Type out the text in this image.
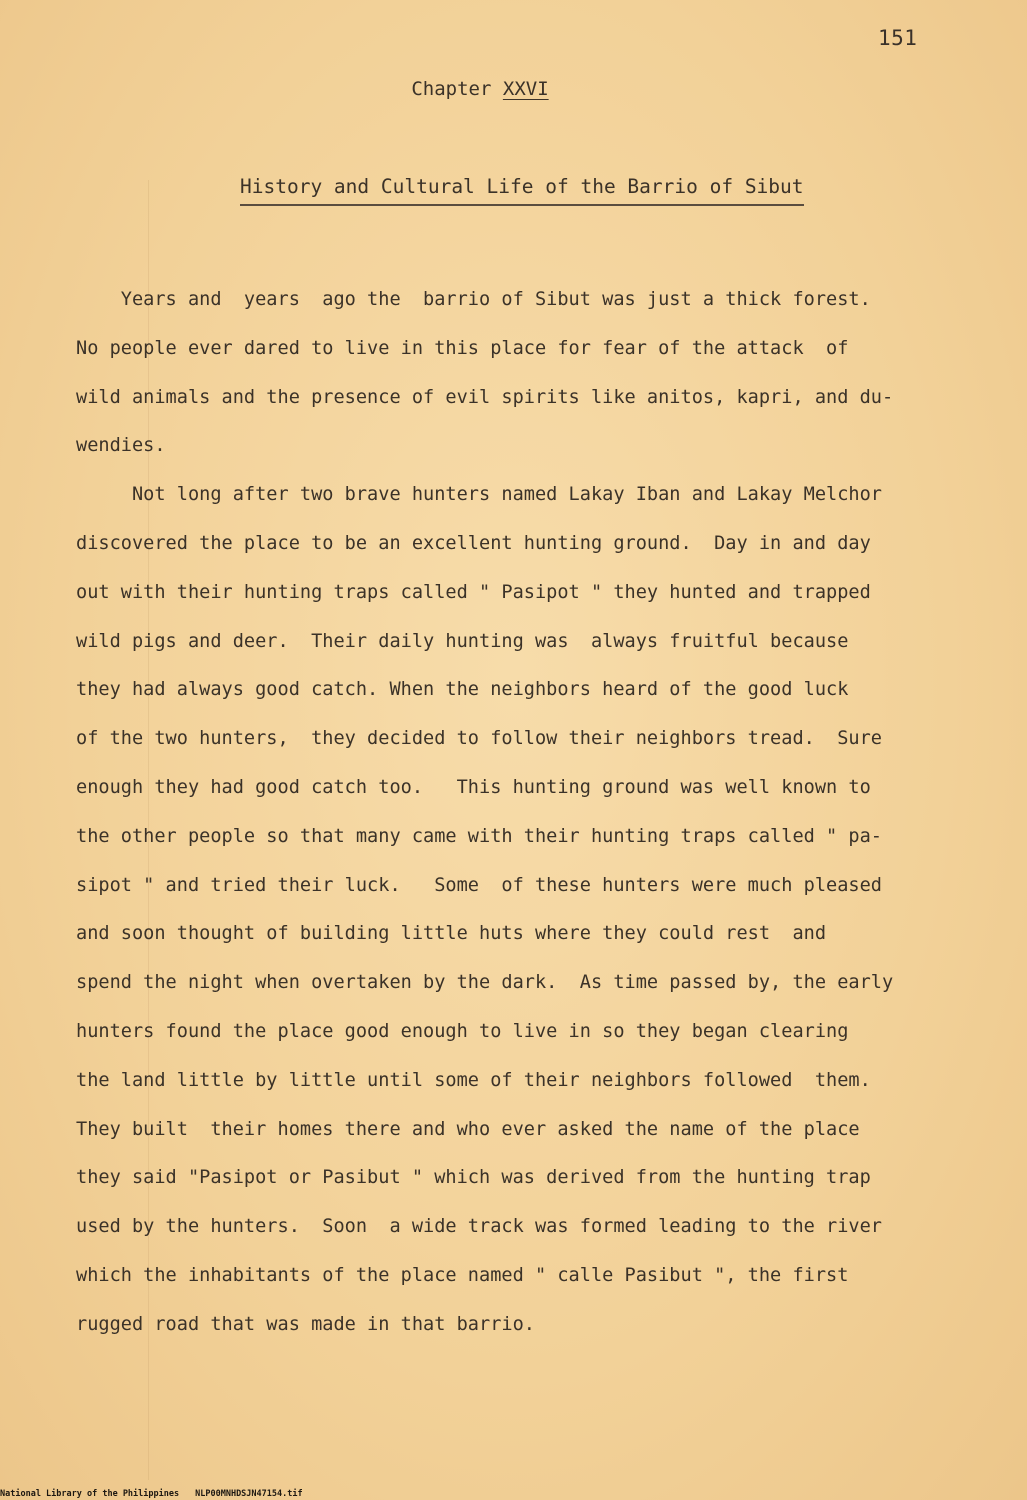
151
Chapter XXVI
History and Cultural Life of the Barrio of Sibut
Years and  years  ago the  barrio of Sibut was just a thick forest.
No people ever dared to live in this place for fear of the attack  of
wild animals and the presence of evil spirits like anitos, kapri, and du-
wendies.
Not long after two brave hunters named Lakay Iban and Lakay Melchor
discovered the place to be an excellent hunting ground.  Day in and day
out with their hunting traps called " Pasipot " they hunted and trapped
wild pigs and deer.  Their daily hunting was  always fruitful because
they had always good catch. When the neighbors heard of the good luck
of the two hunters,  they decided to follow their neighbors tread.  Sure
enough they had good catch too.   This hunting ground was well known to
the other people so that many came with their hunting traps called " pa-
sipot " and tried their luck.   Some  of these hunters were much pleased
and soon thought of building little huts where they could rest  and
spend the night when overtaken by the dark.  As time passed by, the early
hunters found the place good enough to live in so they began clearing
the land little by little until some of their neighbors followed  them.
They built  their homes there and who ever asked the name of the place
they said "Pasipot or Pasibut " which was derived from the hunting trap
used by the hunters.  Soon  a wide track was formed leading to the river
which the inhabitants of the place named " calle Pasibut ", the first
rugged road that was made in that barrio.
National Library of the Philippines NLP00MNHDSJN47154.tif
